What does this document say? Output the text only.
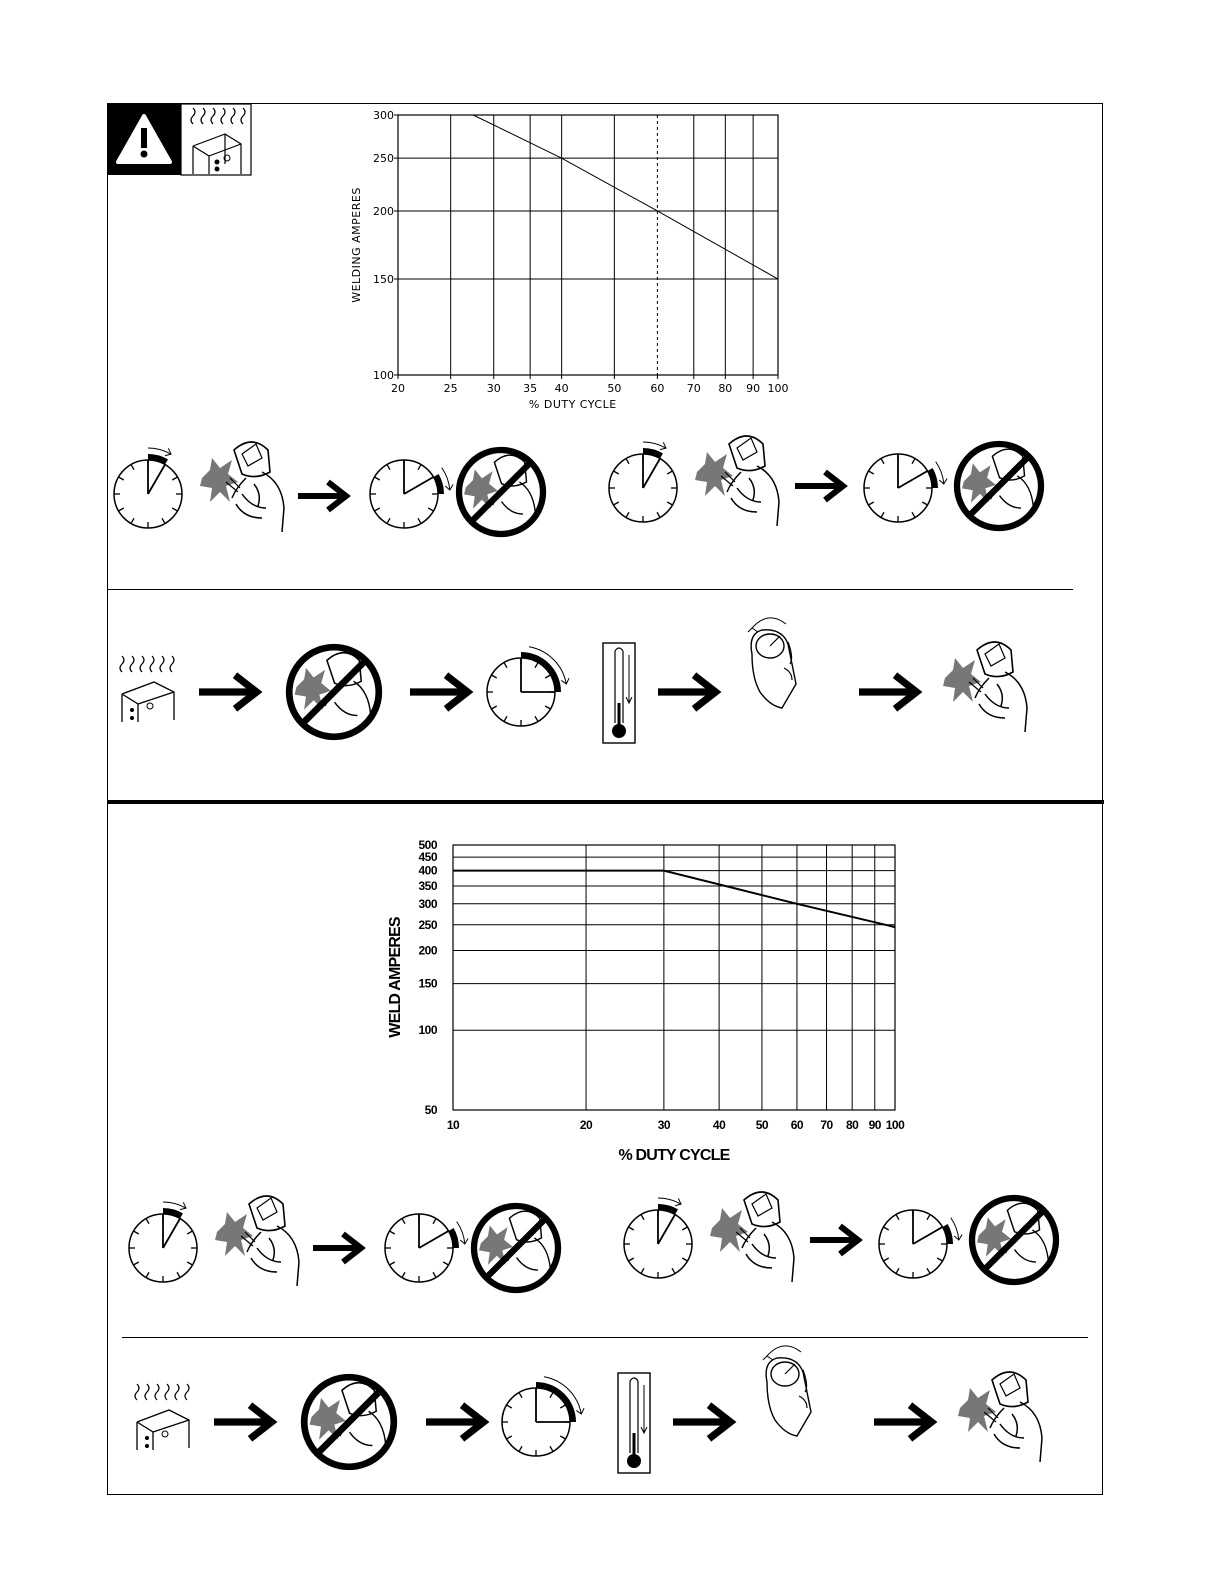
20	25	30 35 40	50	60 70 80 90 100
100
150
200
250
300
% DUTY CYCLE
WELDING AMPERES
10	20	30	40	50 60 70 80 90 100
50
100
150
200
250
300
350
400
450
500
% DUTY CYCLE
WELD AMPERES
